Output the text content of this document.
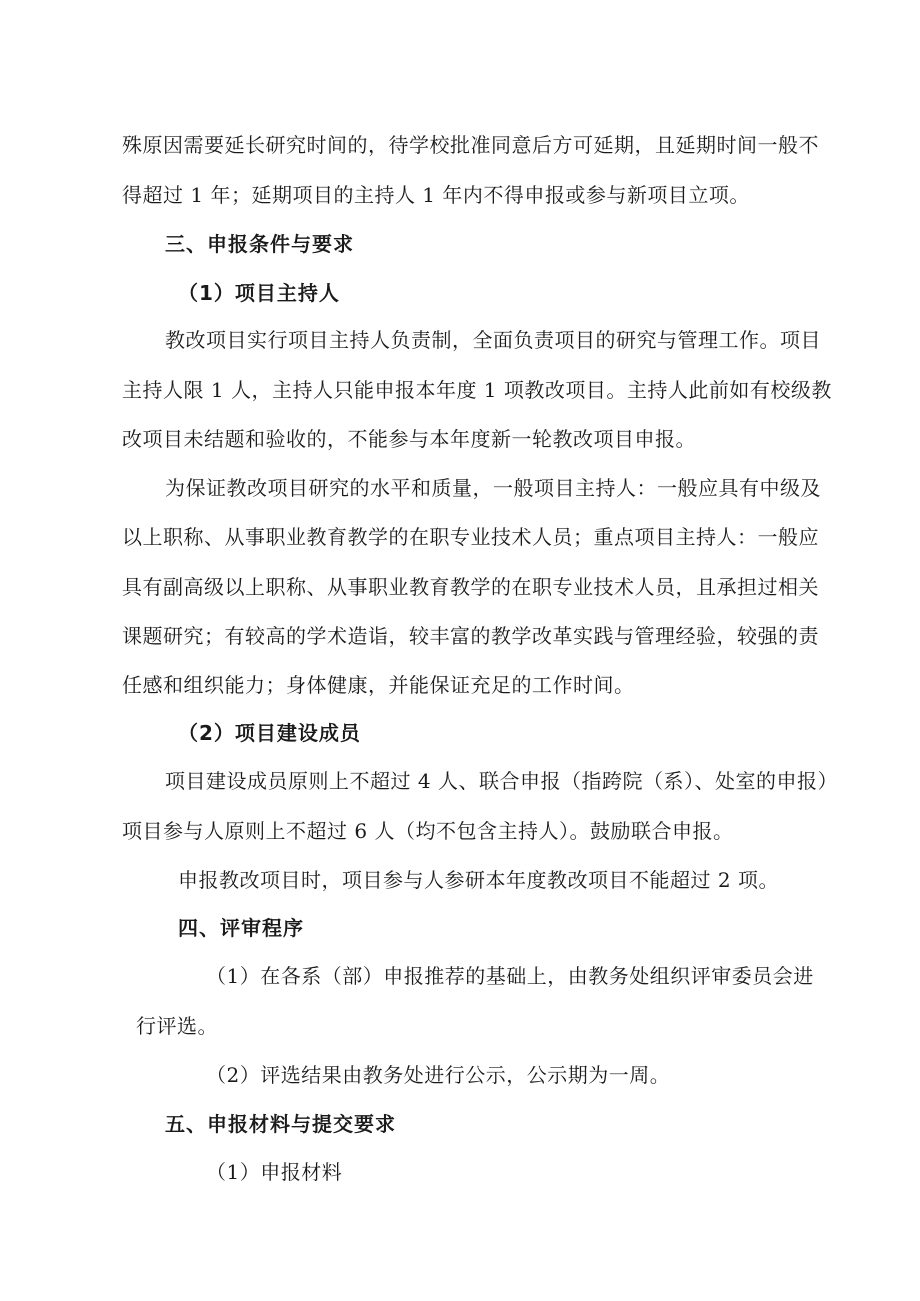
殊原因需要延长研究时间的，待学校批准同意后方可延期，且延期时间一般不
得超过 1 年；延期项目的主持人 1 年内不得申报或参与新项目立项。
三、申报条件与要求
（1）项目主持人
教改项目实行项目主持人负责制，全面负责项目的研究与管理工作。项目
主持人限 1 人，主持人只能申报本年度 1 项教改项目。主持人此前如有校级教
改项目未结题和验收的，不能参与本年度新一轮教改项目申报。
为保证教改项目研究的水平和质量，一般项目主持人：一般应具有中级及
以上职称、从事职业教育教学的在职专业技术人员；重点项目主持人：一般应
具有副高级以上职称、从事职业教育教学的在职专业技术人员，且承担过相关
课题研究；有较高的学术造诣，较丰富的教学改革实践与管理经验，较强的责
任感和组织能力；身体健康，并能保证充足的工作时间。
（2）项目建设成员
项目建设成员原则上不超过 4 人、联合申报（指跨院（系）、处室的申报）
项目参与人原则上不超过 6 人（均不包含主持人）。鼓励联合申报。
申报教改项目时，项目参与人参研本年度教改项目不能超过 2 项。
四、评审程序
（1）在各系（部）申报推荐的基础上，由教务处组织评审委员会进
行评选。
（2）评选结果由教务处进行公示，公示期为一周。
五、申报材料与提交要求
（1）申报材料
